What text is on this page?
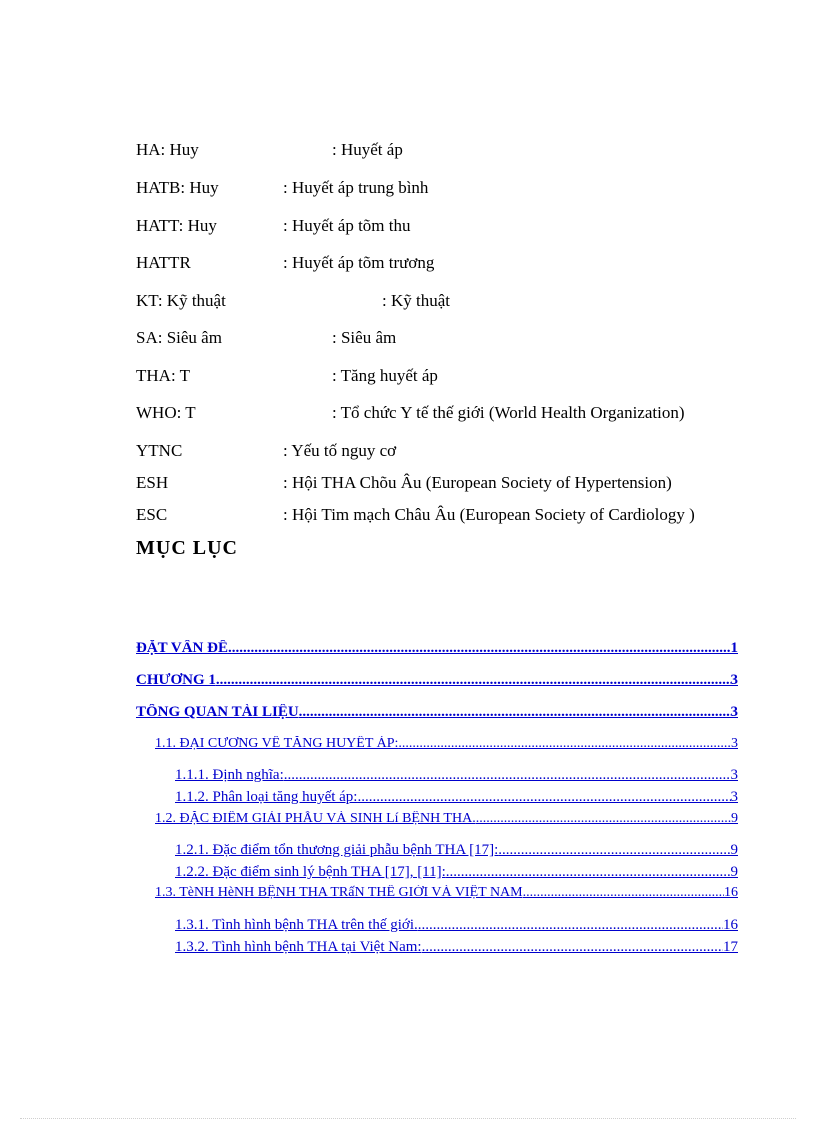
HA: Huy	: Huyết áp
HATB: Huy	: Huyết áp trung bình
HATT: Huy	: Huyết áp tõm thu
HATTR	: Huyết áp tõm trương
KT: Kỹ thuật	: Kỹ thuật
SA: Siêu âm	: Siêu âm
THA: T	: Tăng huyết áp
WHO: T	: Tổ chức Y tế thế giới (World Health Organization)
YTNC	: Yếu tố nguy cơ
ESH	: Hội THA Chõu Âu (European Society of Hypertension)
ESC	: Hội Tim mạch Châu Âu (European Society of Cardiology )
MỤC LỤC
ĐẶT VẤN ĐỀ .....	1
CHƯƠNG 1 .....	3
TỔNG QUAN TÀI LIỆU .....	3
1.1. ĐẠI CƯƠNG VỀ TĂNG HUYẾT ÁP: .....	3
1.1.1. Định nghĩa: .....	3
1.1.2. Phân loại tăng huyết áp: .....	3
1.2. ĐẶC ĐIỂM GIẢI PHẪU VÀ SINH Lí BỆNH THA. .....	9
1.2.1. Đặc điểm tổn thương giải phẫu bệnh THA [17]: .....	9
1.2.2. Đặc điểm sinh lý bệnh THA [17], [11]: .....	9
1.3. TèNH HèNH BỆNH THA TRấN THẾ GIỚI VÀ VIỆT NAM .....	16
1.3.1. Tình hình bệnh THA trên thế giới. .....	16
1.3.2. Tình hình bệnh THA tại Việt Nam: .....	17
